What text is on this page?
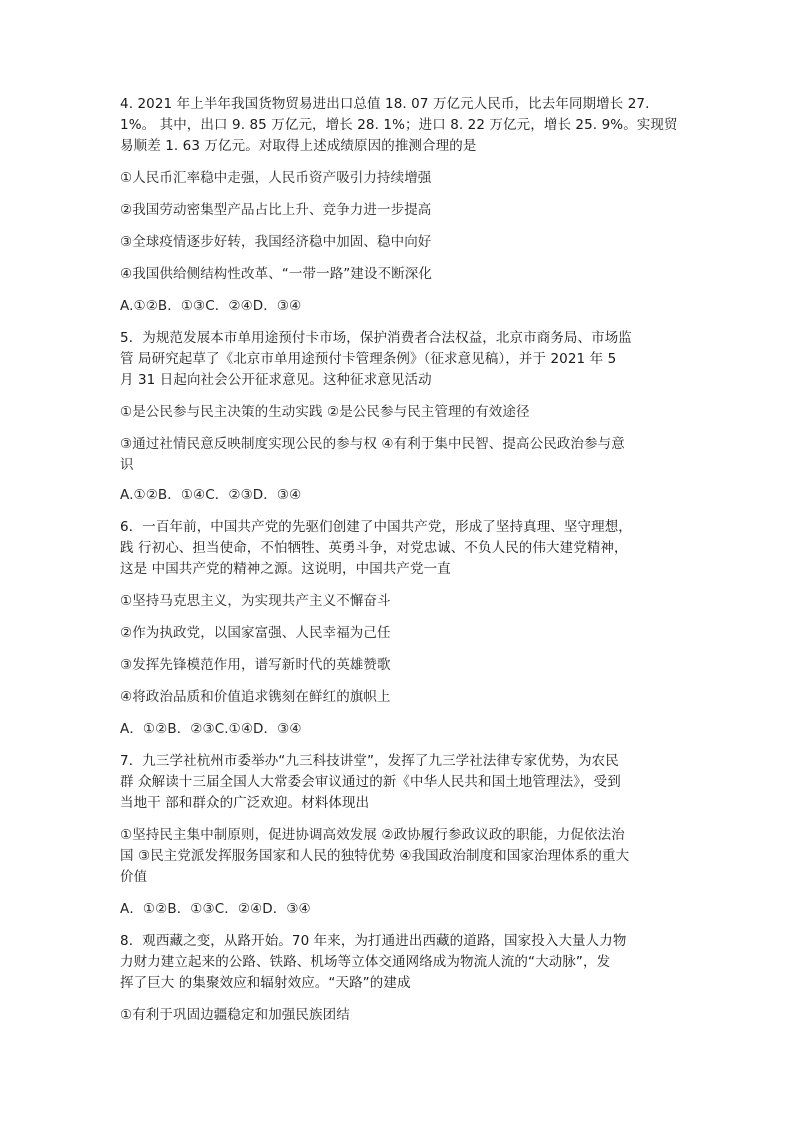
4. 2021 年上半年我国货物贸易进出口总值 18. 07 万亿元人民币，比去年同期增长 27.
1%。 其中，出口 9. 85 万亿元，增长 28. 1%；进口 8. 22 万亿元，增长 25. 9%。实现贸
易顺差 1. 63 万亿元。对取得上述成绩原因的推测合理的是
①人民币汇率稳中走强，人民币资产吸引力持续增强
②我国劳动密集型产品占比上升、竞争力进一步提高
③全球疫情逐步好转，我国经济稳中加固、稳中向好
④我国供给侧结构性改革、“一带一路”建设不断深化
A.①②B．①③C．②④D．③④
5．为规范发展本市单用途预付卡市场，保护消费者合法权益，北京市商务局、市场监
管 局研究起草了《北京市单用途预付卡管理条例》（征求意见稿），并于 2021 年 5
月 31 日起向社会公开征求意见。这种征求意见活动
①是公民参与民主决策的生动实践 ②是公民参与民主管理的有效途径
③通过社情民意反映制度实现公民的参与权 ④有利于集中民智、提高公民政治参与意
识
A.①②B．①④C．②③D．③④
6．一百年前，中国共产党的先驱们创建了中国共产党，形成了坚持真理、坚守理想，
践 行初心、担当使命，不怕牺牲、英勇斗争，对党忠诚、不负人民的伟大建党精神，
这是 中国共产党的精神之源。这说明，中国共产党一直
①坚持马克思主义，为实现共产主义不懈奋斗
②作为执政党，以国家富强、人民幸福为己任
③发挥先锋模范作用，谱写新时代的英雄赞歌
④将政治品质和价值追求镌刻在鲜红的旗帜上
A．①②B．②③C.①④D．③④
7．九三学社杭州市委举办“九三科技讲堂”，发挥了九三学社法律专家优势，为农民
群 众解读十三届全国人大常委会审议通过的新《中华人民共和国土地管理法》，受到
当地干 部和群众的广泛欢迎。材料体现出
①坚持民主集中制原则，促进协调高效发展 ②政协履行参政议政的职能，力促依法治
国 ③民主党派发挥服务国家和人民的独特优势 ④我国政治制度和国家治理体系的重大
价值
A．①②B．①③C．②④D．③④
8．观西藏之变，从路开始。70 年来，为打通进出西藏的道路，国家投入大量人力物
力财力建立起来的公路、铁路、机场等立体交通网络成为物流人流的“大动脉”，发
挥了巨大 的集聚效应和辐射效应。“天路”的建成
①有利于巩固边疆稳定和加强民族团结
